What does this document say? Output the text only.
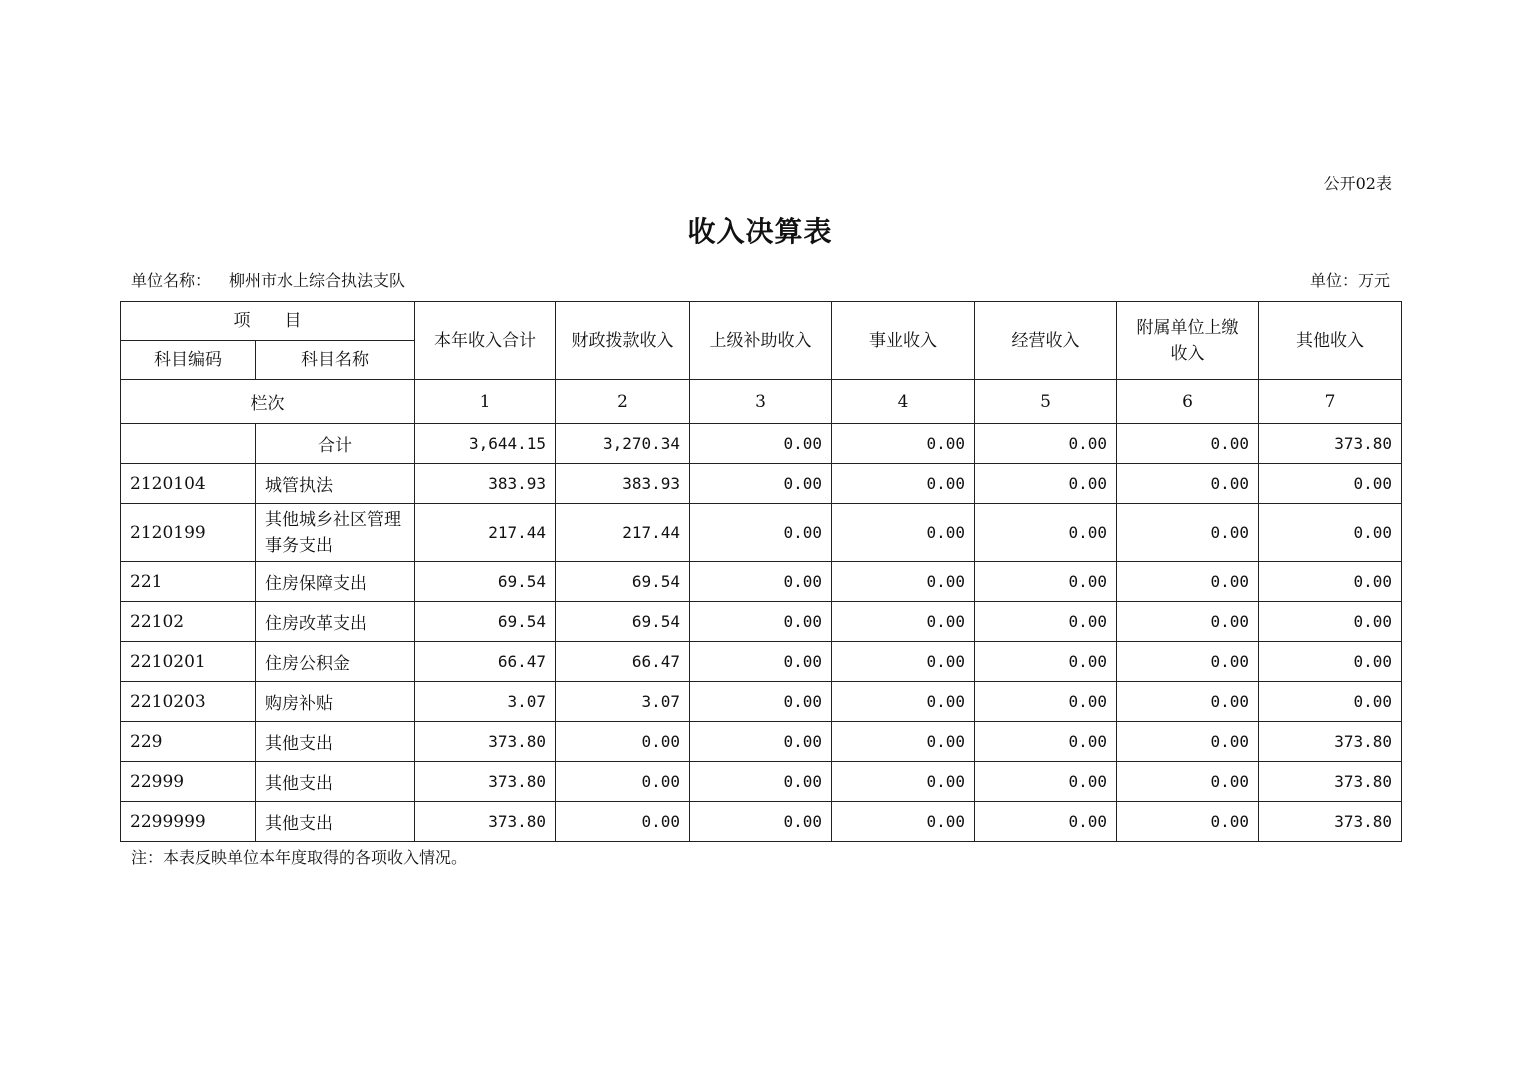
公开02表
收入决算表
单位名称： 柳州市水上综合执法支队	单位：万元
项　　目		本年收入合计	财政拨款收入	上级补助收入	事业收入	经营收入	附属单位上缴收入	其他收入
科目编码	科目名称							
栏次		1	2	3	4	5	6	7
	合计	3,644.15	3,270.34	0.00	0.00	0.00	0.00	373.80
2120104	城管执法	383.93	383.93	0.00	0.00	0.00	0.00	0.00
2120199	其他城乡社区管理事务支出	217.44	217.44	0.00	0.00	0.00	0.00	0.00
221	住房保障支出	69.54	69.54	0.00	0.00	0.00	0.00	0.00
22102	住房改革支出	69.54	69.54	0.00	0.00	0.00	0.00	0.00
2210201	住房公积金	66.47	66.47	0.00	0.00	0.00	0.00	0.00
2210203	购房补贴	3.07	3.07	0.00	0.00	0.00	0.00	0.00
229	其他支出	373.80	0.00	0.00	0.00	0.00	0.00	373.80
22999	其他支出	373.80	0.00	0.00	0.00	0.00	0.00	373.80
2299999	其他支出	373.80	0.00	0.00	0.00	0.00	0.00	373.80
注：本表反映单位本年度取得的各项收入情况。
